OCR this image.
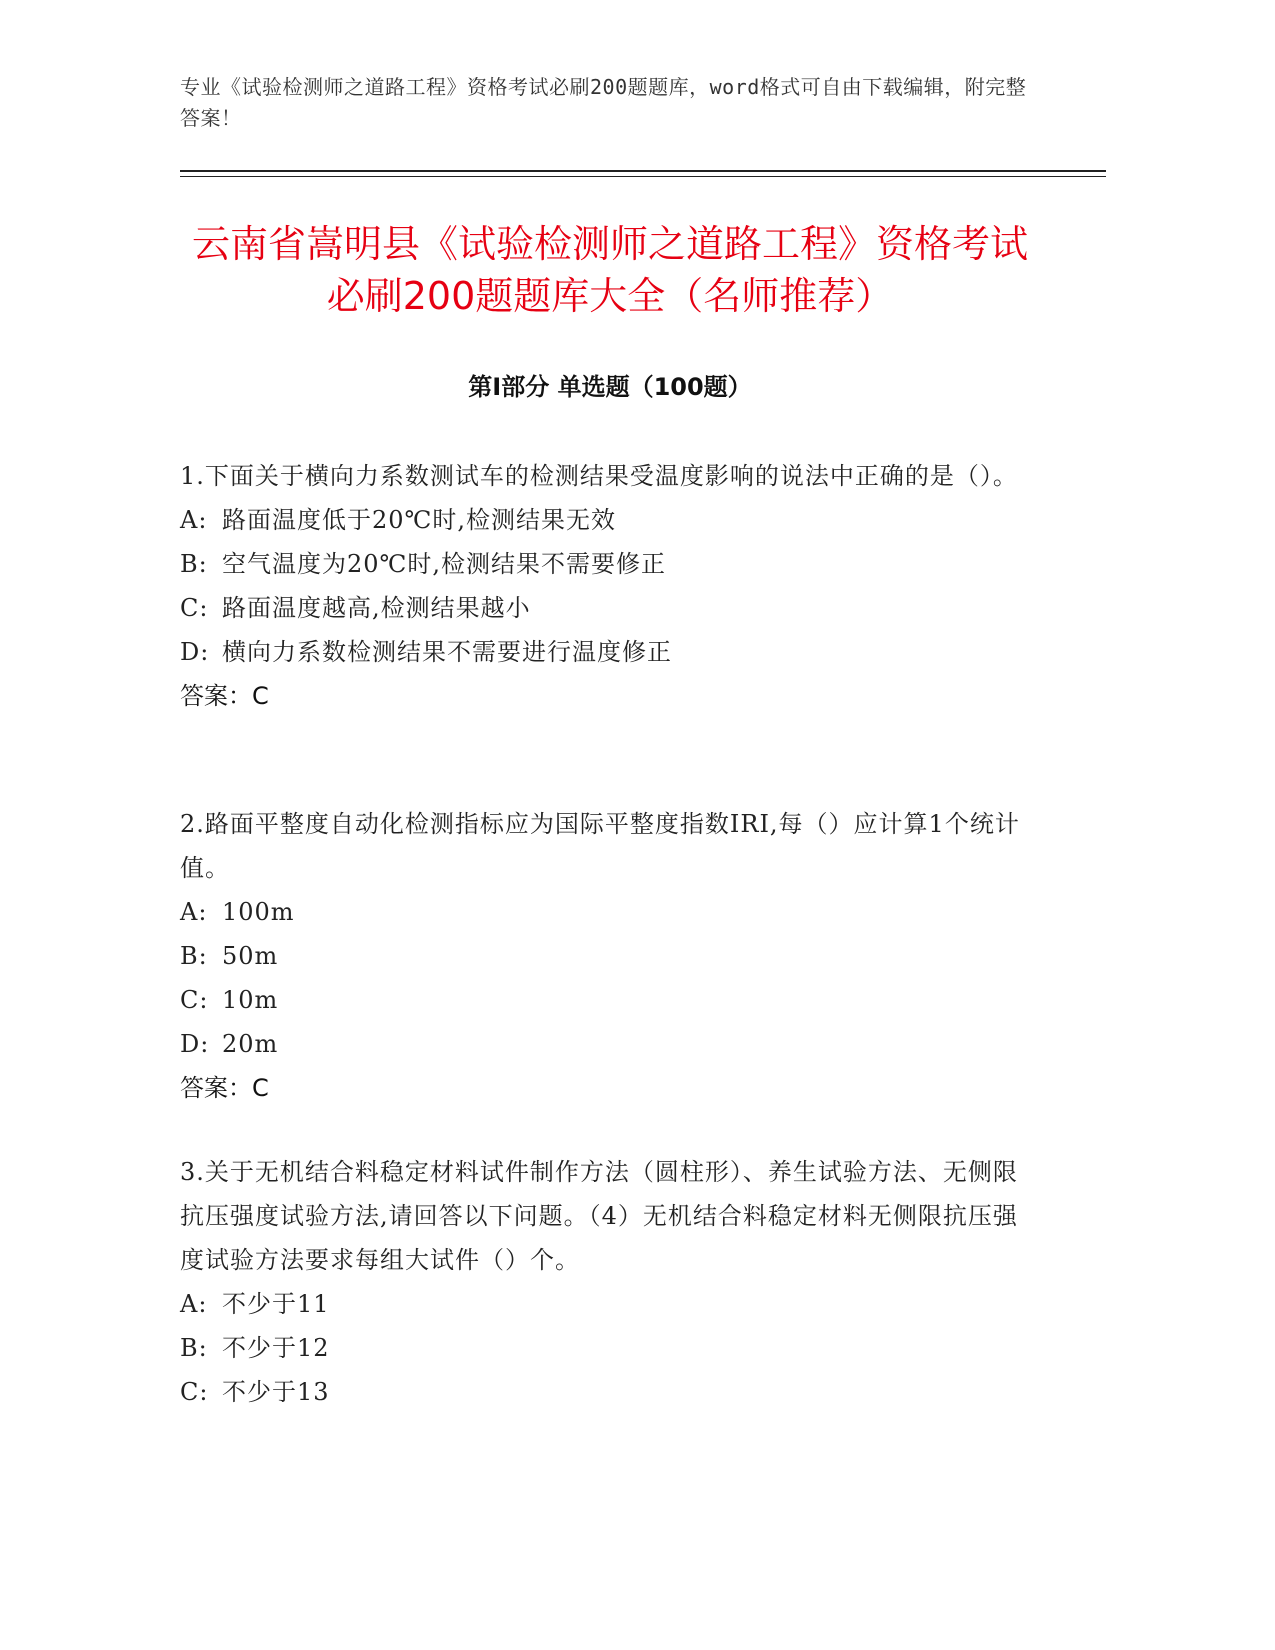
专业《试验检测师之道路工程》资格考试必刷200题题库，word格式可自由下载编辑，附完整答案！
云南省嵩明县《试验检测师之道路工程》资格考试必刷200题题库大全（名师推荐）
第Ⅰ部分 单选题（100题）

1.下面关于横向力系数测试车的检测结果受温度影响的说法中正确的是（）。

A: 路面温度低于20℃时,检测结果无效

B: 空气温度为20℃时,检测结果不需要修正

C: 路面温度越高,检测结果越小

D: 横向力系数检测结果不需要进行温度修正

答案：C

2.路面平整度自动化检测指标应为国际平整度指数IRI,每（）应计算1个统计值。

A: 100m

B: 50m

C: 10m

D: 20m

答案：C

3.关于无机结合料稳定材料试件制作方法（圆柱形）、养生试验方法、无侧限抗压强度试验方法,请回答以下问题。（4）无机结合料稳定材料无侧限抗压强度试验方法要求每组大试件（）个。

A: 不少于11

B: 不少于12

C: 不少于13
